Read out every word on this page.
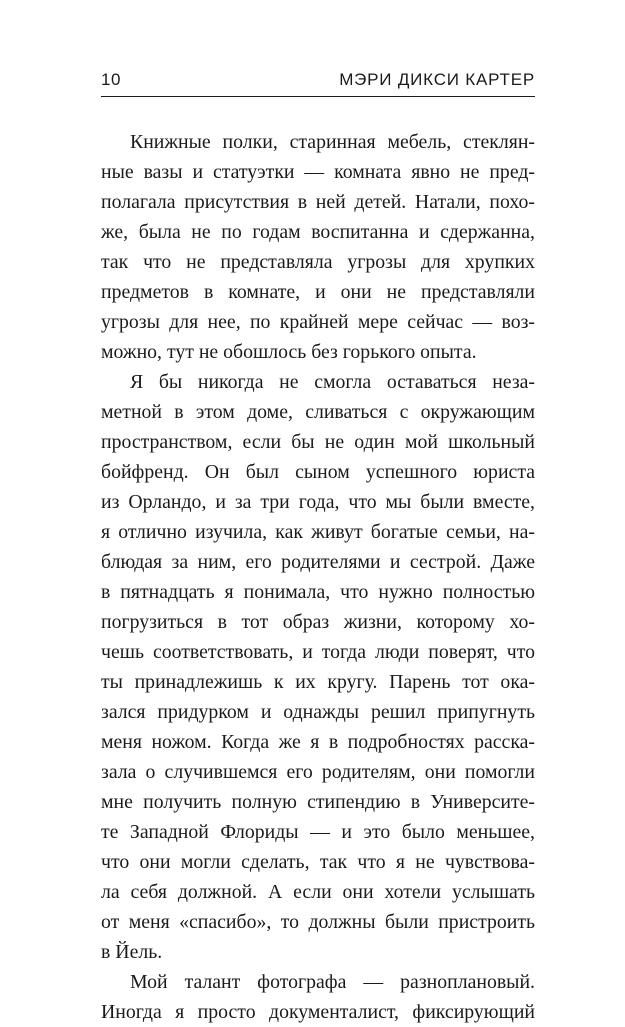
10	МЭРИ ДИКСИ КАРТЕР
Книжные полки, старинная мебель, стеклян-
ные вазы и статуэтки — комната явно не пред-
полагала присутствия в ней детей. Натали, похо-
же, была не по годам воспитанна и сдержанна,
так что не представляла угрозы для хрупких
предметов в комнате, и они не представляли
угрозы для нее, по крайней мере сейчас — воз-
можно, тут не обошлось без горького опыта.
Я бы никогда не смогла оставаться неза-
метной в этом доме, сливаться с окружающим
пространством, если бы не один мой школьный
бойфренд. Он был сыном успешного юриста
из Орландо, и за три года, что мы были вместе,
я отлично изучила, как живут богатые семьи, на-
блюдая за ним, его родителями и сестрой. Даже
в пятнадцать я понимала, что нужно полностью
погрузиться в тот образ жизни, которому хо-
чешь соответствовать, и тогда люди поверят, что
ты принадлежишь к их кругу. Парень тот ока-
зался придурком и однажды решил припугнуть
меня ножом. Когда же я в подробностях расска-
зала о случившемся его родителям, они помогли
мне получить полную стипендию в Университе-
те Западной Флориды — и это было меньшее,
что они могли сделать, так что я не чувствова-
ла себя должной. А если они хотели услышать
от меня «спасибо», то должны были пристроить
в Йель.
Мой талант фотографа — разноплановый.
Иногда я просто документалист, фиксирующий
